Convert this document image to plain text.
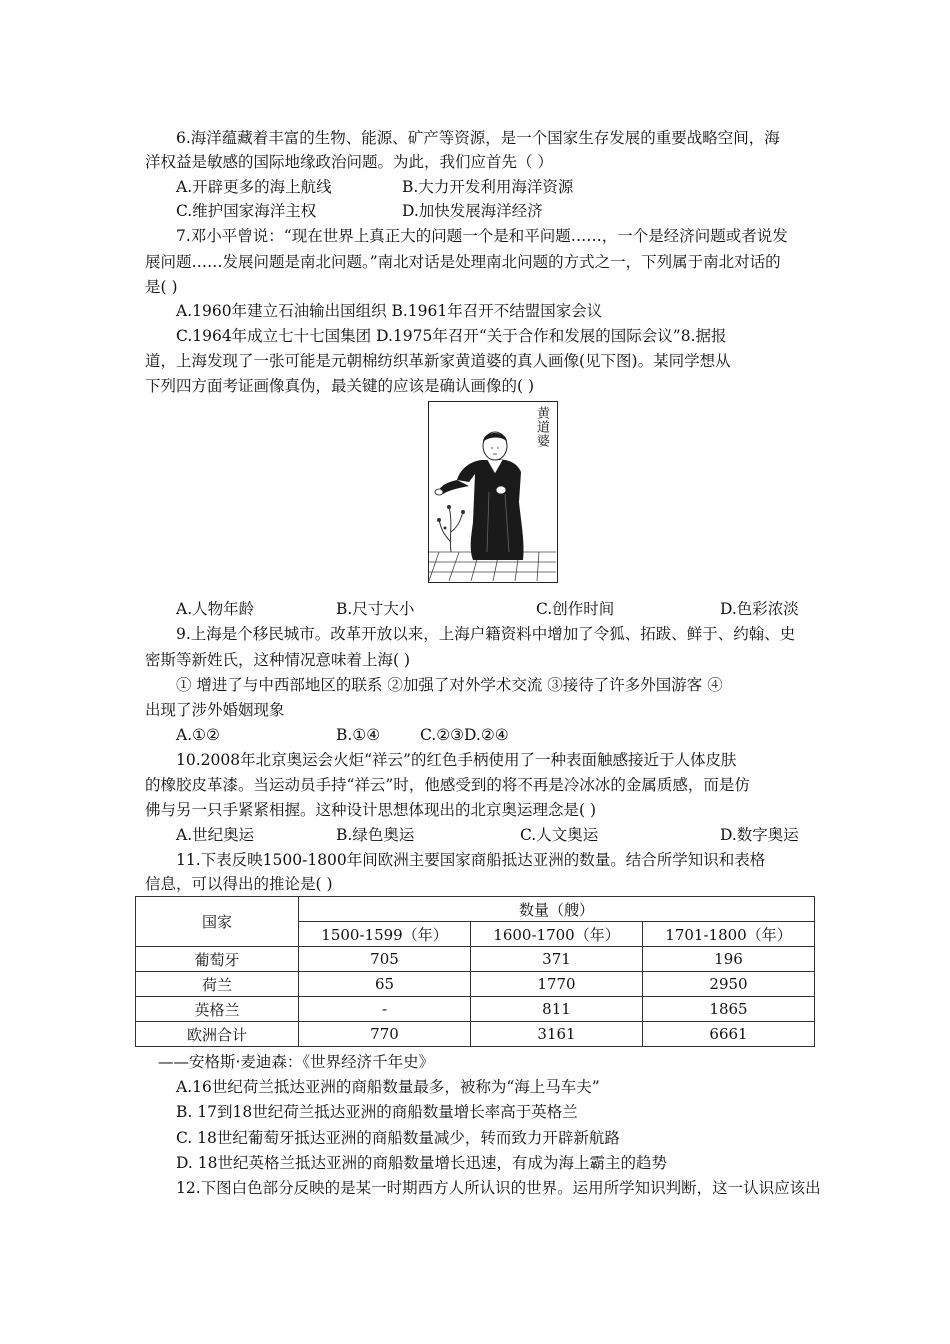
6.海洋蕴藏着丰富的生物、能源、矿产等资源，是一个国家生存发展的重要战略空间，海
洋权益是敏感的国际地缘政治问题。为此，我们应首先（ ）
A.开辟更多的海上航线	B.大力开发利用海洋资源
C.维护国家海洋主权	D.加快发展海洋经济
7.邓小平曾说：“现在世界上真正大的问题一个是和平问题……，一个是经济问题或者说发
展问题……发展问题是南北问题。”南北对话是处理南北问题的方式之一，下列属于南北对话的
是( )
A.1960年建立石油输出国组织 B.1961年召开不结盟国家会议
C.1964年成立七十七国集团 D.1975年召开“关于合作和发展的国际会议”8.据报
道，上海发现了一张可能是元朝棉纺织革新家黄道婆的真人画像(见下图)。某同学想从
下列四方面考证画像真伪，最关键的应该是确认画像的( )
黄道婆
A.人物年龄	B.尺寸大小	C.创作时间	D.色彩浓淡
9.上海是个移民城市。改革开放以来，上海户籍资料中增加了令狐、拓跋、鲜于、约翰、史
密斯等新姓氏，这种情况意味着上海( )
① 增进了与中西部地区的联系 ②加强了对外学术交流 ③接待了许多外国游客 ④
出现了涉外婚姻现象
A.①②	B.①④	C.②③D.②④
10.2008年北京奥运会火炬“祥云”的红色手柄使用了一种表面触感接近于人体皮肤
的橡胶皮革漆。当运动员手持“祥云”时，他感受到的将不再是冷冰冰的金属质感，而是仿
佛与另一只手紧紧相握。这种设计思想体现出的北京奥运理念是( )
A.世纪奥运	B.绿色奥运	C.人文奥运	D.数字奥运
11.下表反映1500-1800年间欧洲主要国家商船抵达亚洲的数量。结合所学知识和表格
信息，可以得出的推论是( )
国家	数量（艘）		
	1500-1599（年）	1600-1700（年）	1701-1800（年）
葡萄牙	705	371	196
荷兰	65	1770	2950
英格兰	-	811	1865
欧洲合计	770	3161	6661
——安格斯·麦迪森：《世界经济千年史》
A.16世纪荷兰抵达亚洲的商船数量最多，被称为“海上马车夫”
B. 17到18世纪荷兰抵达亚洲的商船数量增长率高于英格兰
C. 18世纪葡萄牙抵达亚洲的商船数量减少，转而致力开辟新航路
D. 18世纪英格兰抵达亚洲的商船数量增长迅速，有成为海上霸主的趋势
12.下图白色部分反映的是某一时期西方人所认识的世界。运用所学知识判断，这一认识应该出
